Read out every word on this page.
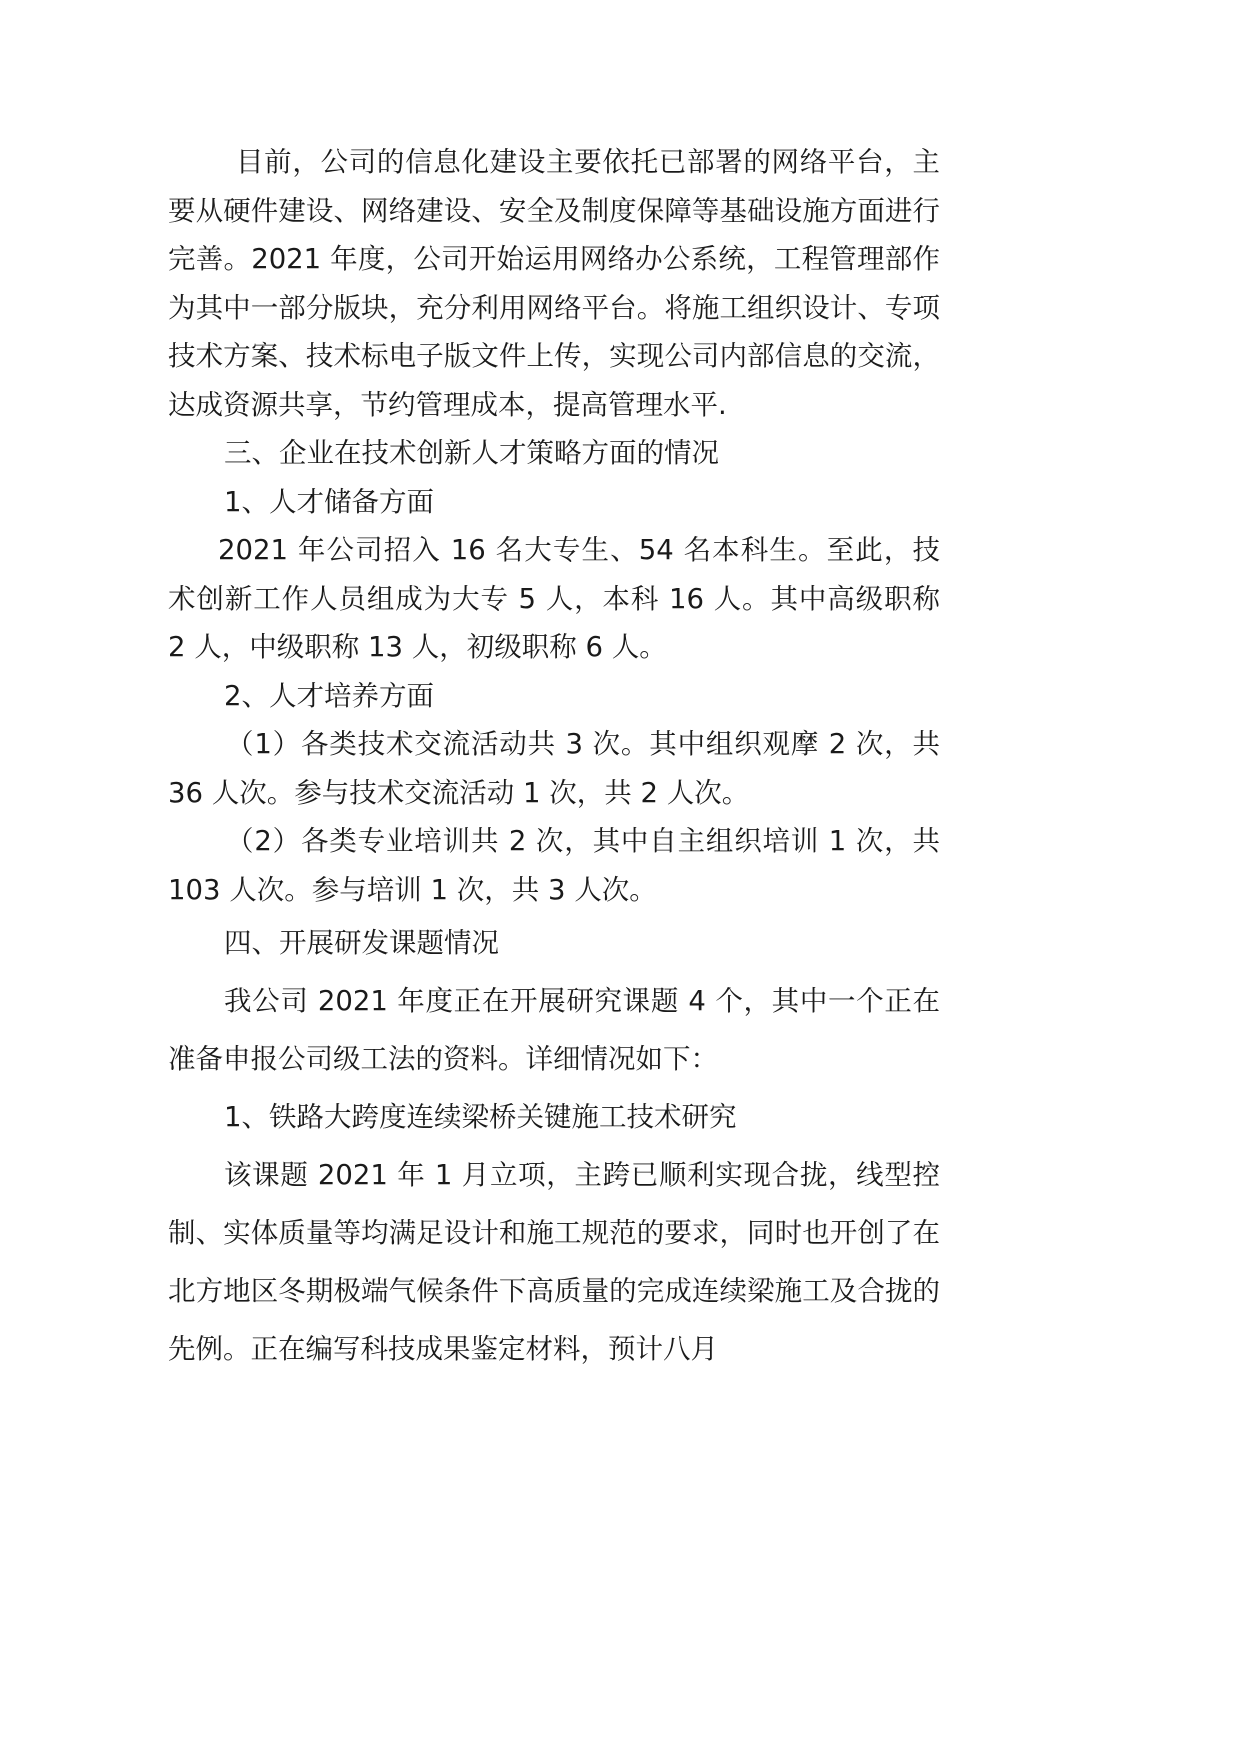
目前，公司的信息化建设主要依托已部署的网络平台，主要从硬件建设、网络建设、安全及制度保障等基础设施方面进行完善。2021 年度，公司开始运用网络办公系统，工程管理部作为其中一部分版块，充分利用网络平台。将施工组织设计、专项技术方案、技术标电子版文件上传，实现公司内部信息的交流，达成资源共享，节约管理成本，提高管理水平.

三、企业在技术创新人才策略方面的情况

1、人才储备方面

2021 年公司招入 16 名大专生、54 名本科生。至此，技术创新工作人员组成为大专 5 人，本科 16 人。其中高级职称 2 人，中级职称 13 人，初级职称 6 人。

2、人才培养方面

（1）各类技术交流活动共 3 次。其中组织观摩 2 次，共 36 人次。参与技术交流活动 1 次，共 2 人次。

（2）各类专业培训共 2 次，其中自主组织培训 1 次，共 103 人次。参与培训 1 次，共 3 人次。

四、开展研发课题情况

我公司 2021 年度正在开展研究课题 4 个，其中一个正在准备申报公司级工法的资料。详细情况如下：

1、铁路大跨度连续梁桥关键施工技术研究

该课题 2021 年 1 月立项，主跨已顺利实现合拢，线型控制、实体质量等均满足设计和施工规范的要求，同时也开创了在北方地区冬期极端气候条件下高质量的完成连续梁施工及合拢的先例。正在编写科技成果鉴定材料，预计八月
